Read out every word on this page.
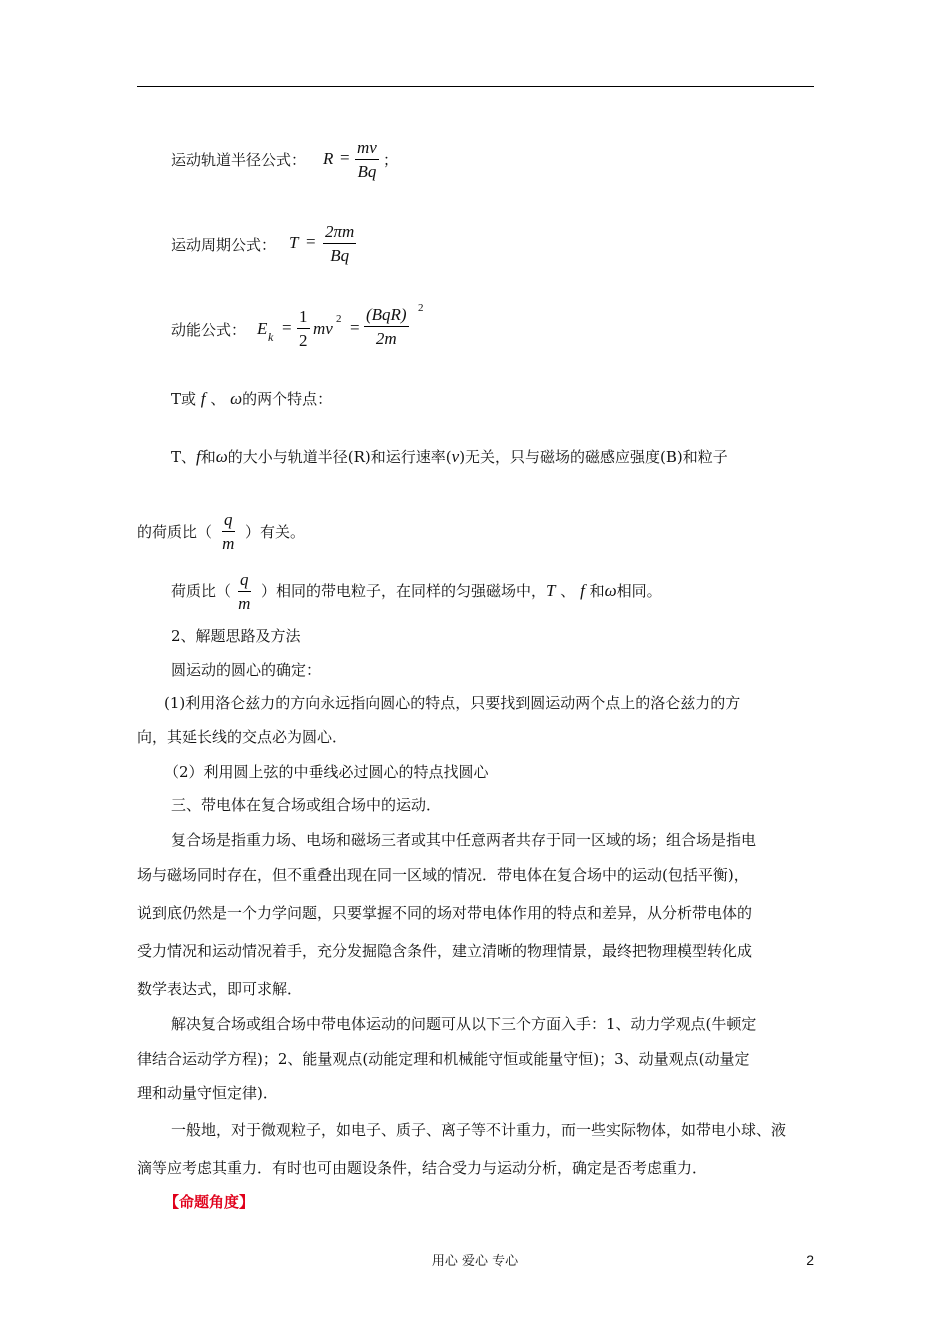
运动轨道半径公式： $R = \frac{mv}{Bq}$ ；
运动周期公式： $T = \frac{2\pi m}{Bq}$
动能公式： E $k = \frac{1}{2}$ mv 2 =
(BqR)
2m
2
T或 f 、 ω的两个特点：
T、f和ω的大小与轨道半径(R)和运行速率(v)无关，只与磁场的磁感应强度(B)和粒子
的荷质比（ $\frac{q}{m}$ ）有关。
荷质比（ $\frac{q}{m}$ ）相同的带电粒子，在同样的匀强磁场中，T 、 f 和ω相同。
2、解题思路及方法
圆运动的圆心的确定：
(1)利用洛仑兹力的方向永远指向圆心的特点，只要找到圆运动两个点上的洛仑兹力的方
向，其延长线的交点必为圆心．
（2）利用圆上弦的中垂线必过圆心的特点找圆心
三、带电体在复合场或组合场中的运动．
复合场是指重力场、电场和磁场三者或其中任意两者共存于同一区域的场；组合场是指电
场与磁场同时存在，但不重叠出现在同一区域的情况．带电体在复合场中的运动(包括平衡)，
说到底仍然是一个力学问题，只要掌握不同的场对带电体作用的特点和差异，从分析带电体的
受力情况和运动情况着手，充分发掘隐含条件，建立清晰的物理情景，最终把物理模型转化成
数学表达式，即可求解．
解决复合场或组合场中带电体运动的问题可从以下三个方面入手：1、动力学观点(牛顿定
律结合运动学方程)；2、能量观点(动能定理和机械能守恒或能量守恒)；3、动量观点(动量定
理和动量守恒定律)．
一般地，对于微观粒子，如电子、质子、离子等不计重力，而一些实际物体，如带电小球、液
滴等应考虑其重力．有时也可由题设条件，结合受力与运动分析，确定是否考虑重力．
【命题角度】
用心 爱心 专心	2
